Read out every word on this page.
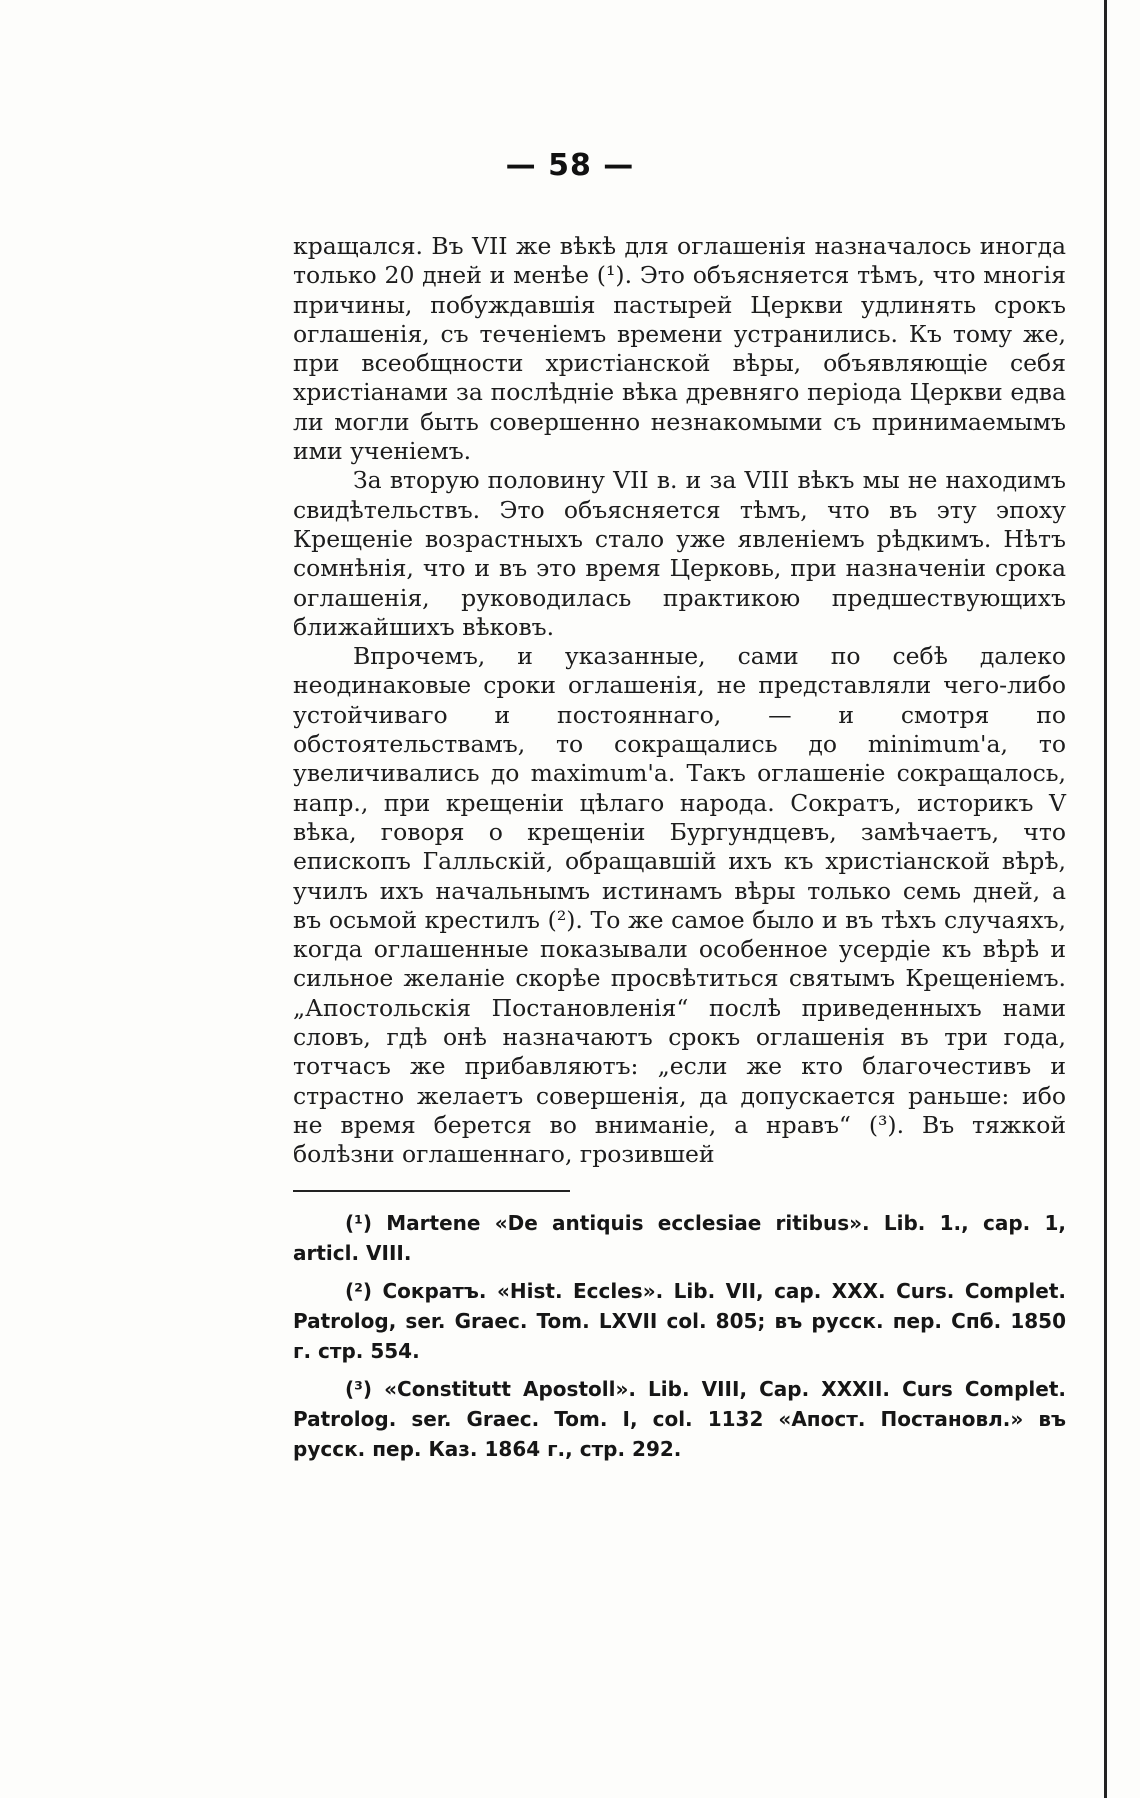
— 58 —

кращался. Въ VII же вѣкѣ для оглашенія назначалось иногда только 20 дней и менѣе (¹). Это объясняется тѣмъ, что многія причины, побуждавшія пастырей Церкви удлинять срокъ оглашенія, съ теченіемъ времени устранились. Къ тому же, при всеобщности христіанской вѣры, объявляющіе себя христіанами за послѣдніе вѣка древняго періода Церкви едва ли могли быть совершенно незнакомыми съ принимаемымъ ими ученіемъ.

За вторую половину VII в. и за VIII вѣкъ мы не находимъ свидѣтельствъ. Это объясняется тѣмъ, что въ эту эпоху Крещеніе возрастныхъ стало уже явленіемъ рѣдкимъ. Нѣтъ сомнѣнія, что и въ это время Церковь, при назначеніи срока оглашенія, руководилась практикою предшествующихъ ближайшихъ вѣковъ.

Впрочемъ, и указанные, сами по себѣ далеко неодинаковые сроки оглашенія, не представляли чего-либо устойчиваго и постояннаго, — и смотря по обстоятельствамъ, то сокращались до minimum'а, то увеличивались до maximum'а. Такъ оглашеніе сокращалось, напр., при крещеніи цѣлаго народа. Сократъ, историкъ V вѣка, говоря о крещеніи Бургундцевъ, замѣчаетъ, что епископъ Галльскій, обращавшій ихъ къ христіанской вѣрѣ, училъ ихъ начальнымъ истинамъ вѣры только семь дней, а въ осьмой крестилъ (²). То же самое было и въ тѣхъ случаяхъ, когда оглашенные показывали особенное усердіе къ вѣрѣ и сильное желаніе скорѣе просвѣтиться святымъ Крещеніемъ. „Апостольскія Постановленія“ послѣ приведенныхъ нами словъ, гдѣ онѣ назначаютъ срокъ оглашенія въ три года, тотчасъ же прибавляютъ: „если же кто благочестивъ и страстно желаетъ совершенія, да допускается раньше: ибо не время берется во вниманіе, а нравъ“ (³). Въ тяжкой болѣзни оглашеннаго, грозившей

(¹) Martene «De antiquis ecclesiae ritibus». Lib. 1., cap. 1, articl. VIII.

(²) Сократъ. «Hist. Eccles». Lib. VII, cap. XXX. Curs. Complet. Patrolog, ser. Graec. Tom. LXVII col. 805; въ русск. пер. Спб. 1850 г. стр. 554.

(³) «Constitutt Apostoll». Lib. VIII, Cap. XXXII. Curs Complet. Patrolog. ser. Graec. Tom. I, col. 1132 «Апост. Постановл.» въ русск. пер. Каз. 1864 г., стр. 292.
